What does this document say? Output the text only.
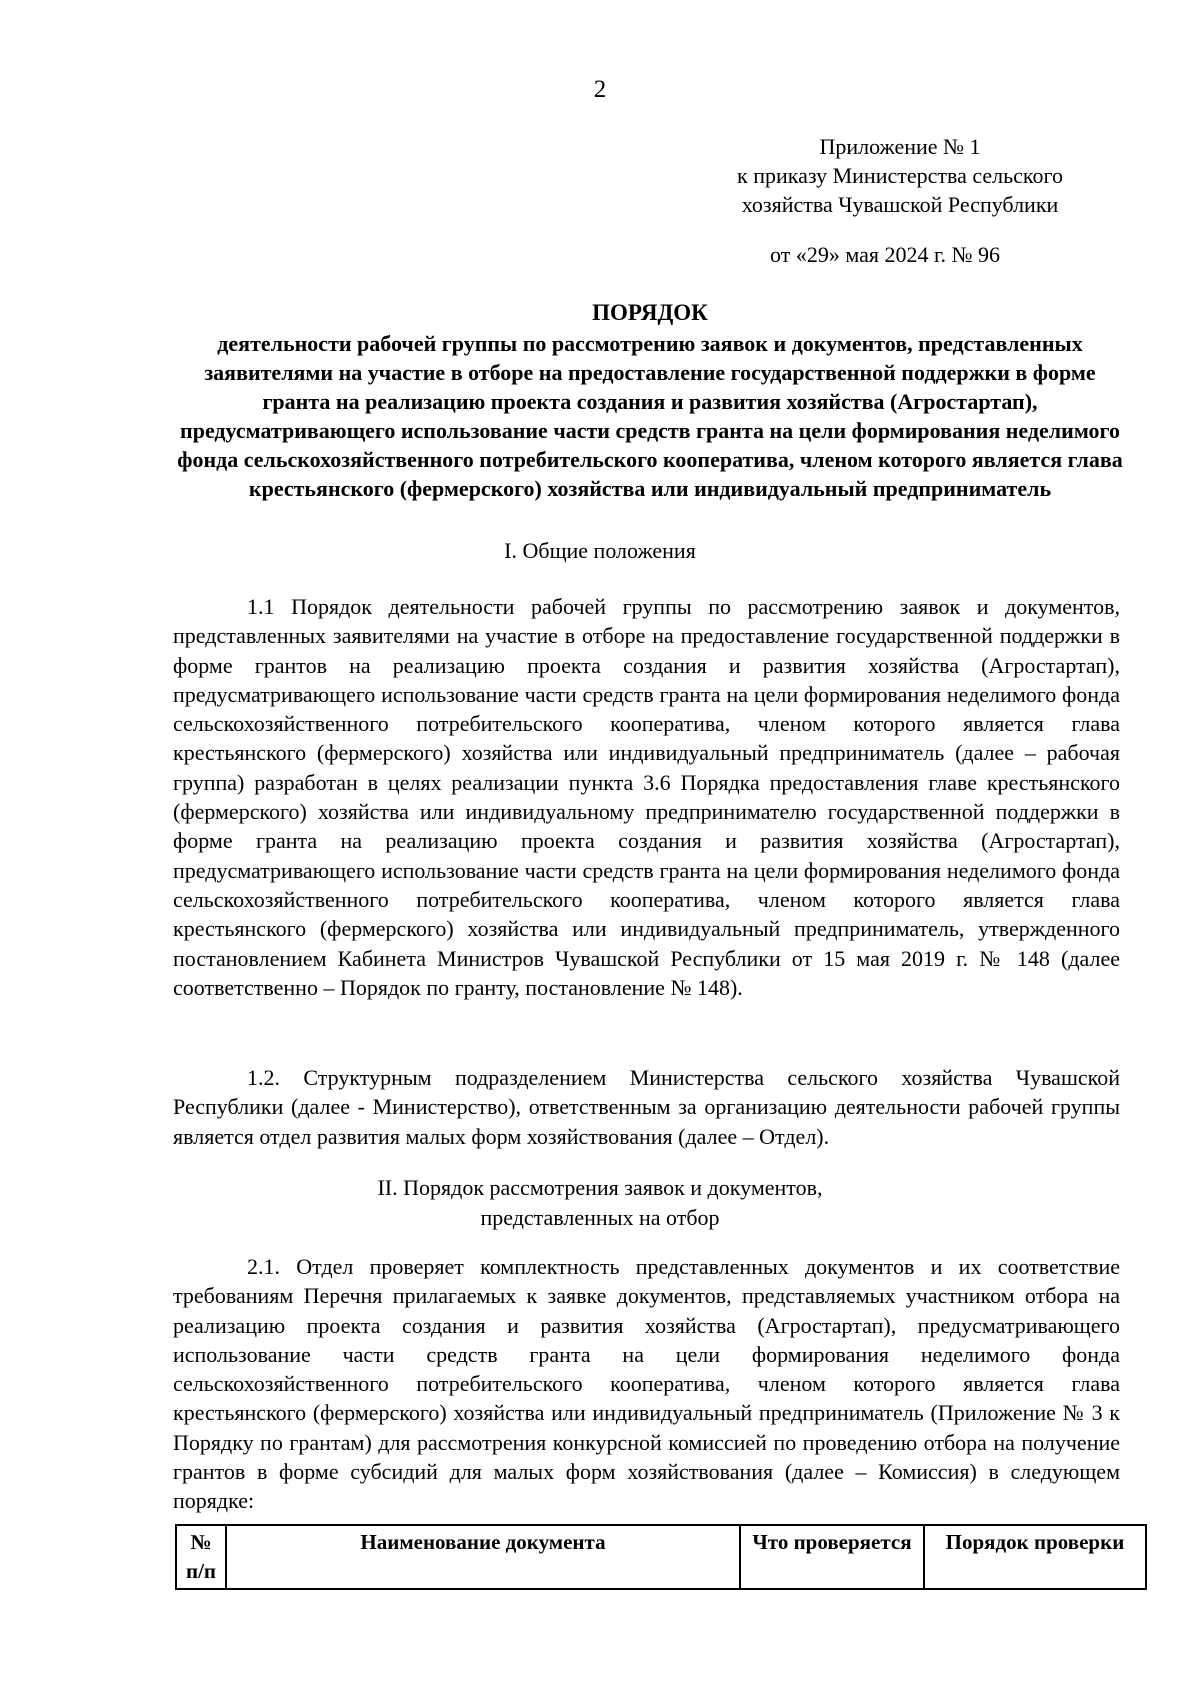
2
Приложение № 1
к приказу Министерства сельского
хозяйства Чувашской Республики
от «29» мая 2024 г. № 96
ПОРЯДОК
деятельности рабочей группы по рассмотрению заявок и документов, представленных заявителями на участие в отборе на предоставление государственной поддержки в форме гранта на реализацию проекта создания и развития хозяйства (Агростартап), предусматривающего использование части средств гранта на цели формирования неделимого фонда сельскохозяйственного потребительского кооператива, членом которого является глава крестьянского (фермерского) хозяйства или индивидуальный предприниматель
I. Общие положения
1.1 Порядок деятельности рабочей группы по рассмотрению заявок и документов, представленных заявителями на участие в отборе на предоставление государственной поддержки в форме грантов на реализацию проекта создания и развития хозяйства (Агростартап), предусматривающего использование части средств гранта на цели формирования неделимого фонда сельскохозяйственного потребительского кооператива, членом которого является глава крестьянского (фермерского) хозяйства или индивидуальный предприниматель (далее – рабочая группа) разработан в целях реализации пункта 3.6 Порядка предоставления главе крестьянского (фермерского) хозяйства или индивидуальному предпринимателю государственной поддержки в форме гранта на реализацию проекта создания и развития хозяйства (Агростартап), предусматривающего использование части средств гранта на цели формирования неделимого фонда сельскохозяйственного потребительского кооператива, членом которого является глава крестьянского (фермерского) хозяйства или индивидуальный предприниматель, утвержденного постановлением Кабинета Министров Чувашской Республики от 15 мая 2019 г. № 148 (далее соответственно – Порядок по гранту, постановление № 148).
1.2. Структурным подразделением Министерства сельского хозяйства Чувашской Республики (далее - Министерство), ответственным за организацию деятельности рабочей группы является отдел развития малых форм хозяйствования (далее – Отдел).
II. Порядок рассмотрения заявок и документов,
представленных на отбор
2.1. Отдел проверяет комплектность представленных документов и их соответствие требованиям Перечня прилагаемых к заявке документов, представляемых участником отбора на реализацию проекта создания и развития хозяйства (Агростартап), предусматривающего использование части средств гранта на цели формирования неделимого фонда сельскохозяйственного потребительского кооператива, членом которого является глава крестьянского (фермерского) хозяйства или индивидуальный предприниматель (Приложение № 3 к Порядку по грантам) для рассмотрения конкурсной комиссией по проведению отбора на получение грантов в форме субсидий для малых форм хозяйствования (далее – Комиссия) в следующем порядке:
№ п/п	Наименование документа	Что проверяется	Порядок проверки
